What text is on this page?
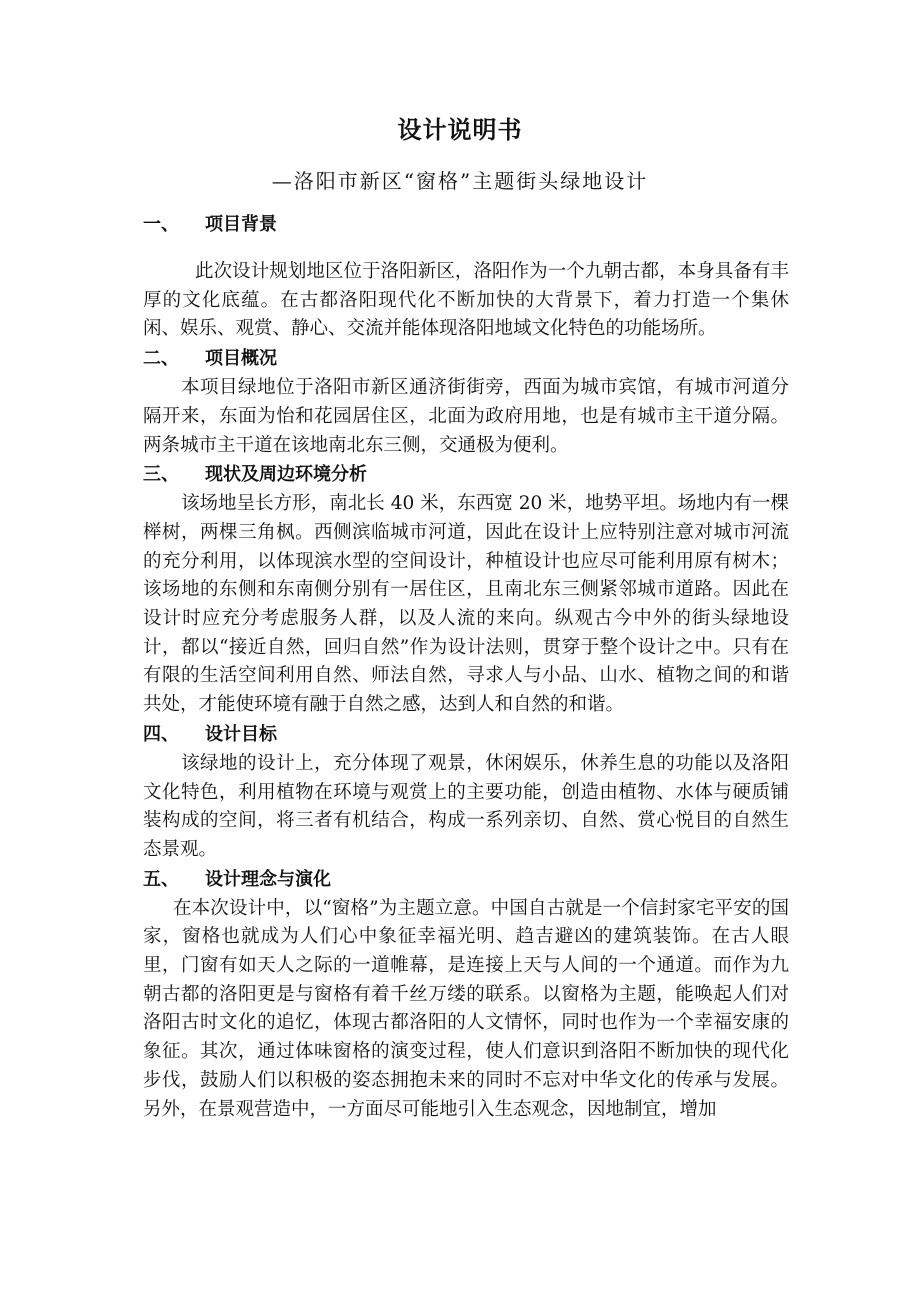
设计说明书
—洛阳市新区“窗格”主题街头绿地设计
一、 项目背景

此次设计规划地区位于洛阳新区，洛阳作为一个九朝古都，本身具备有丰厚的文化底蕴。在古都洛阳现代化不断加快的大背景下，着力打造一个集休闲、娱乐、观赏、静心、交流并能体现洛阳地域文化特色的功能场所。

二、 项目概况

本项目绿地位于洛阳市新区通济街街旁，西面为城市宾馆，有城市河道分隔开来，东面为怡和花园居住区，北面为政府用地，也是有城市主干道分隔。两条城市主干道在该地南北东三侧，交通极为便利。

三、 现状及周边环境分析

该场地呈长方形，南北长 40 米，东西宽 20 米，地势平坦。场地内有一棵榉树，两棵三角枫。西侧滨临城市河道，因此在设计上应特别注意对城市河流的充分利用，以体现滨水型的空间设计，种植设计也应尽可能利用原有树木；该场地的东侧和东南侧分别有一居住区，且南北东三侧紧邻城市道路。因此在设计时应充分考虑服务人群，以及人流的来向。纵观古今中外的街头绿地设计，都以“接近自然，回归自然”作为设计法则，贯穿于整个设计之中。只有在有限的生活空间利用自然、师法自然，寻求人与小品、山水、植物之间的和谐共处，才能使环境有融于自然之感，达到人和自然的和谐。

四、 设计目标

该绿地的设计上，充分体现了观景，休闲娱乐，休养生息的功能以及洛阳文化特色，利用植物在环境与观赏上的主要功能，创造由植物、水体与硬质铺装构成的空间，将三者有机结合，构成一系列亲切、自然、赏心悦目的自然生态景观。

五、 设计理念与演化

在本次设计中，以“窗格”为主题立意。中国自古就是一个信封家宅平安的国家，窗格也就成为人们心中象征幸福光明、趋吉避凶的建筑装饰。在古人眼里，门窗有如天人之际的一道帷幕，是连接上天与人间的一个通道。而作为九朝古都的洛阳更是与窗格有着千丝万缕的联系。以窗格为主题，能唤起人们对洛阳古时文化的追忆，体现古都洛阳的人文情怀，同时也作为一个幸福安康的象征。其次，通过体味窗格的演变过程，使人们意识到洛阳不断加快的现代化步伐，鼓励人们以积极的姿态拥抱未来的同时不忘对中华文化的传承与发展。另外，在景观营造中，一方面尽可能地引入生态观念，因地制宜，增加
